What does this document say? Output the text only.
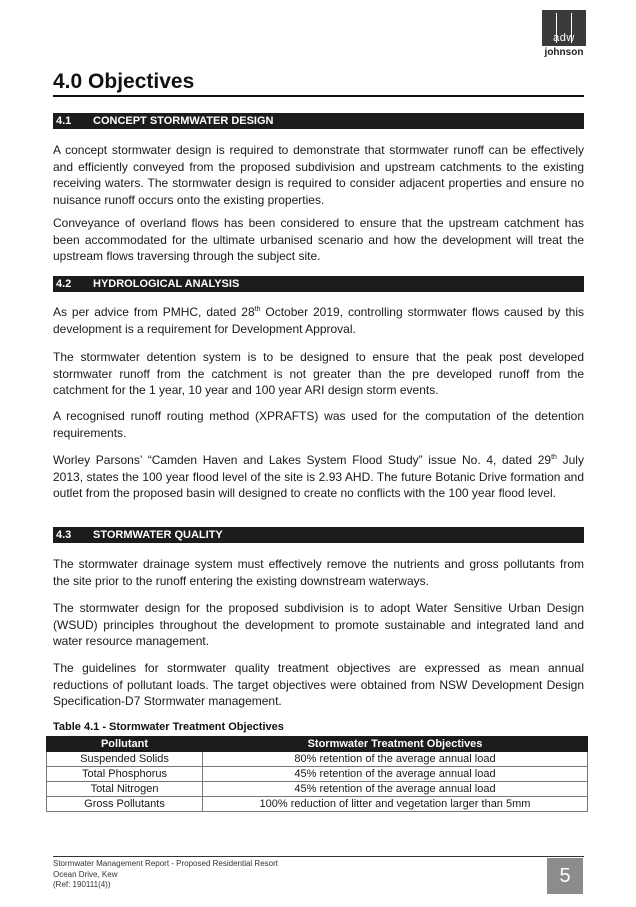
adw
johnson
4.0 Objectives
4.1 CONCEPT STORMWATER DESIGN

A concept stormwater design is required to demonstrate that stormwater runoff can be effectively and efficiently conveyed from the proposed subdivision and upstream catchments to the existing receiving waters. The stormwater design is required to consider adjacent properties and ensure no nuisance runoff occurs onto the existing properties.

Conveyance of overland flows has been considered to ensure that the upstream catchment has been accommodated for the ultimate urbanised scenario and how the development will treat the upstream flows traversing through the subject site.

4.2 HYDROLOGICAL ANALYSIS

As per advice from PMHC, dated 28th October 2019, controlling stormwater flows caused by this development is a requirement for Development Approval.

The stormwater detention system is to be designed to ensure that the peak post developed stormwater runoff from the catchment is not greater than the pre developed runoff from the catchment for the 1 year, 10 year and 100 year ARI design storm events.

A recognised runoff routing method (XPRAFTS) was used for the computation of the detention requirements.

Worley Parsons’ “Camden Haven and Lakes System Flood Study” issue No. 4, dated 29th July 2013, states the 100 year flood level of the site is 2.93 AHD. The future Botanic Drive formation and outlet from the proposed basin will designed to create no conflicts with the 100 year flood level.

4.3 STORMWATER QUALITY

The stormwater drainage system must effectively remove the nutrients and gross pollutants from the site prior to the runoff entering the existing downstream waterways.

The stormwater design for the proposed subdivision is to adopt Water Sensitive Urban Design (WSUD) principles throughout the development to promote sustainable and integrated land and water resource management.

The guidelines for stormwater quality treatment objectives are expressed as mean annual reductions of pollutant loads. The target objectives were obtained from NSW Development Design Specification-D7 Stormwater management.

Table 4.1 - Stormwater Treatment Objectives
Pollutant	Stormwater Treatment Objectives
Suspended Solids	80% retention of the average annual load
Total Phosphorus	45% retention of the average annual load
Total Nitrogen	45% retention of the average annual load
Gross Pollutants	100% reduction of litter and vegetation larger than 5mm
Stormwater Management Report - Proposed Residential Resort
Ocean Drive, Kew
(Ref: 190111(4))	5
